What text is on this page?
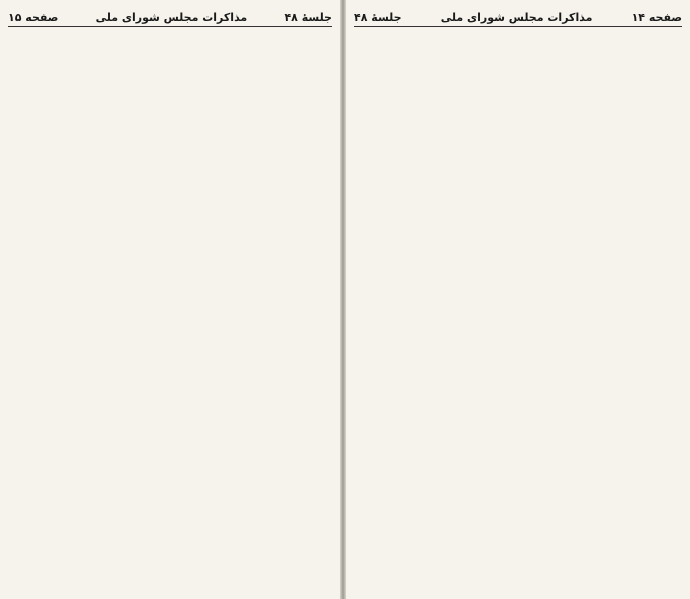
جلسهٔ ۴۸
مذاکرات مجلس شورای ملی
صفحه ۱۵	صفحه ۱۴
مذاکرات مجلس شورای ملی
جلسهٔ ۴۸
